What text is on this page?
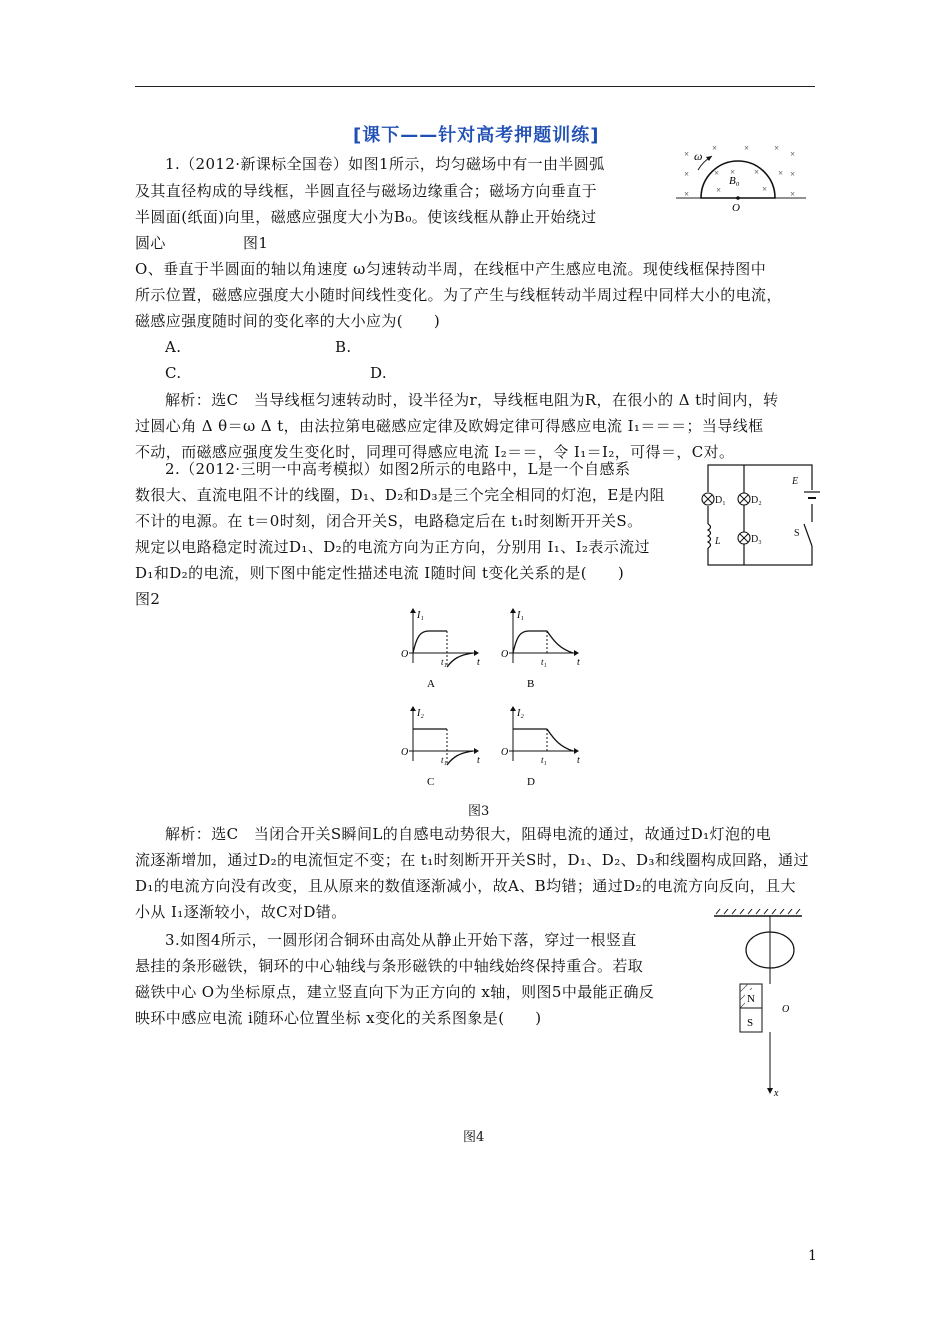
[课下——针对高考押题训练]
1.（2012·新课标全国卷）如图1所示，均匀磁场中有一由半圆弧
及其直径构成的导线框，半圆直径与磁场边缘重合；磁场方向垂直于
半圆面(纸面)向里，磁感应强度大小为B₀。使该线框从静止开始绕过
圆心	图1
O、垂直于半圆面的轴以角速度 ω匀速转动半周，在线框中产生感应电流。现使线框保持图中
所示位置，磁感应强度大小随时间线性变化。为了产生与线框转动半周过程中同样大小的电流，
磁感应强度随时间的变化率的大小应为(　　)
A.	B.
C.	D.
解析：选C　当导线框匀速转动时，设半径为r，导线框电阻为R，在很小的 Δ t时间内，转
过圆心角 Δ θ＝ω Δ t，由法拉第电磁感应定律及欧姆定律可得感应电流 I₁＝＝＝；当导线框
不动，而磁感应强度发生变化时，同理可得感应电流 I₂＝＝，令 I₁＝I₂，可得＝，C对。
×
×	×	×
×
×	× × × × ×
×	×	×	×
ω
B₀
O
2.（2012·三明一中高考模拟）如图2所示的电路中，L是一个自感系
数很大、直流电阻不计的线圈，D₁、D₂和D₃是三个完全相同的灯泡，E是内阻
不计的电源。在 t＝0时刻，闭合开关S，电路稳定后在 t₁时刻断开开关S。
规定以电路稳定时流过D₁、D₂的电流方向为正方向，分别用 I₁、I₂表示流过
D₁和D₂的电流，则下图中能定性描述电流 I随时间 t变化关系的是(　　)
图2
D₁	D₂
D₃
E
S
L
I₁
O
t₁	t
A
I₁
O
t₁	t
B
I₂
O
t₁	t
C
I₂
O
t₁	t
D
图3
解析：选C　当闭合开关S瞬间L的自感电动势很大，阻碍电流的通过，故通过D₁灯泡的电
流逐渐增加，通过D₂的电流恒定不变；在 t₁时刻断开开关S时，D₁、D₂、D₃和线圈构成回路，通过
D₁的电流方向没有改变，且从原来的数值逐渐减小，故A、B均错；通过D₂的电流方向反向，且大
小从 I₁逐渐较小，故C对D错。
3.如图4所示，一圆形闭合铜环由高处从静止开始下落，穿过一根竖直
悬挂的条形磁铁，铜环的中心轴线与条形磁铁的中轴线始终保持重合。若取
磁铁中心 O为坐标原点，建立竖直向下为正方向的 x轴，则图5中最能正确反
映环中感应电流 i随环心位置坐标 x变化的关系图象是(　　)
N
S
O
x
图4
1
